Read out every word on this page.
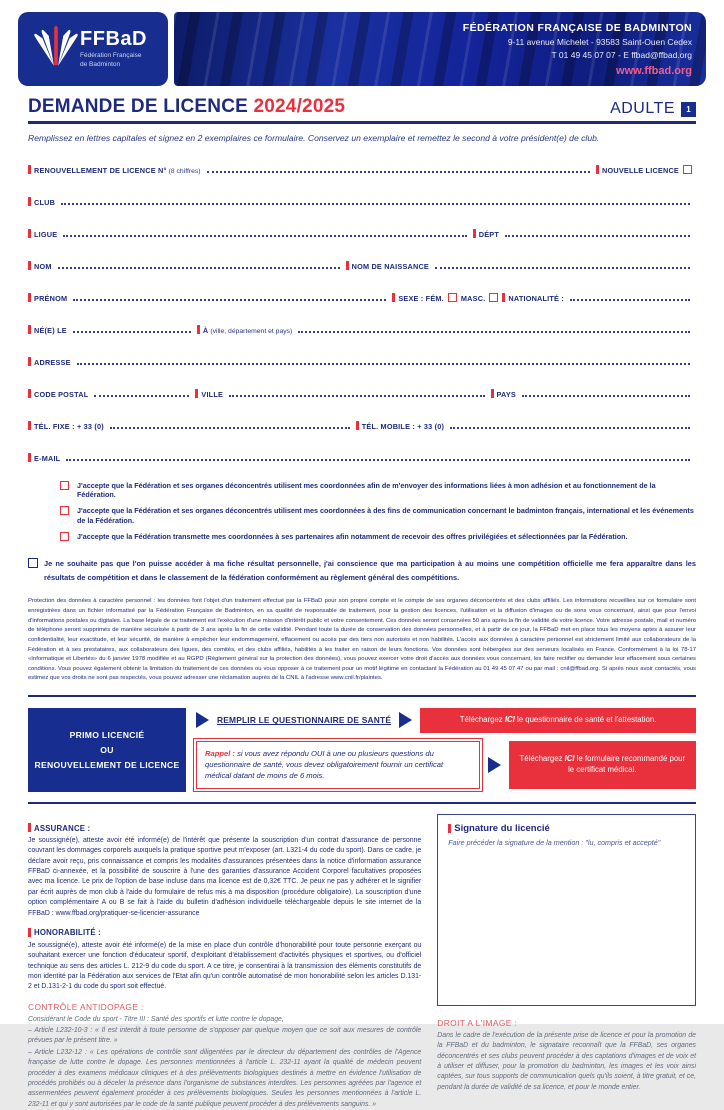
FFBaD
Fédération Française
de Badminton
FÉDÉRATION FRANÇAISE DE BADMINTON
9-11 avenue Michelet - 93583 Saint-Ouen Cedex
T 01 49 45 07 07 - E ffbad@ffbad.org
www.ffbad.org
DEMANDE DE LICENCE 2024/2025	ADULTE	1
Remplissez en lettres capitales et signez en 2 exemplaires ce formulaire. Conservez un exemplaire et remettez le second à votre président(e) de club.
RENOUVELLEMENT DE LICENCE N° (8 chiffres)	NOUVELLE LICENCE
CLUB
LIGUE	DÉPT
NOM	NOM DE NAISSANCE
PRÉNOM	SEXE : FÉM. MASC.	NATIONALITÉ :
NÉ(E) LE	À (ville, département et pays)
ADRESSE
CODE POSTAL	VILLE	PAYS
TÉL. FIXE : + 33 (0)	TÉL. MOBILE : + 33 (0)
E-MAIL
J'accepte que la Fédération et ses organes déconcentrés utilisent mes coordonnées afin de m'envoyer des informations liées à mon adhésion et au fonctionnement de la Fédération.
J'accepte que la Fédération et ses organes déconcentrés utilisent mes coordonnées à des fins de communication concernant le badminton français, international et les événements de la Fédération.
J'accepte que la Fédération transmette mes coordonnées à ses partenaires afin notamment de recevoir des offres privilégiées et sélectionnées par la Fédération.
Je ne souhaite pas que l'on puisse accéder à ma fiche résultat personnelle, j'ai conscience que ma participation à au moins une compétition officielle me fera apparaître dans les résultats de compétition et dans le classement de la fédération conformément au règlement général des compétitions.
Protection des données à caractère personnel : les données font l'objet d'un traitement effectué par la FFBaD pour son propre compte et le compte de ses organes déconcentrés et des clubs affiliés. Les informations recueillies sur ce formulaire sont enregistrées dans un fichier informatisé par la Fédération Française de Badminton, en sa qualité de responsable de traitement, pour la gestion des licences, l'utilisation et la diffusion d'images ou de sons vous concernant, ainsi que pour l'envoi d'informations postales ou digitales. La base légale de ce traitement est l'exécution d'une mission d'intérêt public et votre consentement. Ces données seront conservées 50 ans après la fin de validité de votre licence. Votre adresse postale, mail et numéro de téléphone seront supprimés de manière sécurisée à partir de 3 ans après la fin de cette validité. Pendant toute la durée de conservation des données personnelles, et à partir de ce jour, la FFBaD met en place tous les moyens aptes à assurer leur confidentialité, leur exactitude, et leur sécurité, de manière à empêcher leur endommagement, effacement ou accès par des tiers non autorisés et non habilités. L'accès aux données à caractère personnel est strictement limité aux collaborateurs de la Fédération et à ses prestataires, aux collaborateurs des ligues, des comités, et des clubs affiliés, habilités à les traiter en raison de leurs fonctions. Vos données sont hébergées sur des serveurs localisés en France. Conformément à la loi 78-17 «Informatique et Libertés» du 6 janvier 1978 modifiée et au RGPD (Règlement général sur la protection des données), vous pouvez exercer votre droit d'accès aux données vous concernant, les faire rectifier ou demander leur effacement sous certaines conditions. Vous pouvez également obtenir la limitation du traitement de ces données ou vous opposer à ce traitement pour un motif légitime en contactant la Fédération au 01 49 45 07 47 ou par mail : cnil@ffbad.org. Si après nous avoir contactés, vous estimez que vos droits ne sont pas respectés, vous pouvez adresser une réclamation auprès de la CNIL à l'adresse www.cnil.fr/plaintes.
PRIMO LICENCIÉ
OU
RENOUVELLEMENT DE LICENCE
REMPLIR LE QUESTIONNAIRE DE SANTÉ	Téléchargez ICI le questionnaire de santé et l'attestation.
Rappel : si vous avez répondu OUI à une ou plusieurs questions du questionnaire de santé, vous devez obligatoirement fournir un certificat médical datant de moins de 6 mois.
Téléchargez ICI le formulaire recommandé pour le certificat médical.
ASSURANCE :
Je soussigné(e), atteste avoir été informé(e) de l'intérêt que présente la souscription d'un contrat d'assurance de personne couvrant les dommages corporels auxquels la pratique sportive peut m'exposer (art. L321-4 du code du sport). Dans ce cadre, je déclare avoir reçu, pris connaissance et compris les modalités d'assurances présentées dans la notice d'information assurance FFBaD ci-annexée, et la possibilité de souscrire à l'une des garanties d'assurance Accident Corporel facultatives proposées avec ma licence. Le prix de l'option de base incluse dans ma licence est de 0,32€ TTC. Je peux ne pas y adhérer et le signifier par écrit auprès de mon club à l'aide du formulaire de refus mis à ma disposition (procédure obligatoire). La souscription d'une option complémentaire A ou B se fait à l'aide du bulletin d'adhésion individuelle téléchargeable depuis le site internet de la FFBaD : www.ffbad.org/pratiquer-se-licencier-assurance
HONORABILITÉ :
Je soussigné(e), atteste avoir été informé(e) de la mise en place d'un contrôle d'honorabilité pour toute personne exerçant ou souhaitant exercer une fonction d'éducateur sportif, d'exploitant d'établissement d'activités physiques et sportives, ou d'officiel technique au sens des articles L. 212-9 du code du sport. A ce titre, je consentirai à la transmission des éléments constitutifs de mon identité par la Fédération aux services de l'Etat afin qu'un contrôle automatisé de mon honorabilité selon les articles D.131-2 et D.131-2-1 du code du sport soit effectué.
CONTRÔLE ANTIDOPAGE :

Considérant le Code du sport - Titre III : Santé des sportifs et lutte contre le dopage,

– Article L232-10-3 : « Il est interdit à toute personne de s'opposer par quelque moyen que ce soit aux mesures de contrôle prévues par le présent titre. »

– Article L232-12 : « Les opérations de contrôle sont diligentées par le directeur du département des contrôles de l'Agence française de lutte contre le dopage. Les personnes mentionnées à l'article L. 232-11 ayant la qualité de médecin peuvent procéder à des examens médicaux cliniques et à des prélèvements biologiques destinés à mettre en évidence l'utilisation de procédés prohibés ou à déceler la présence dans l'organisme de substances interdites. Les personnes agréées par l'agence et assermentées peuvent également procéder à ces prélèvements biologiques. Seules les personnes mentionnées à l'article L. 232-11 et qui y sont autorisées par le code de la santé publique peuvent procéder à des prélèvements sanguins. »

Signature du licencié
Faire précéder la signature de la mention : "lu, compris et accepté"
DROIT A L'IMAGE :
Dans le cadre de l'exécution de la présente prise de licence et pour la promotion de la FFBaD et du badminton, le signataire reconnaît que la FFBaD, ses organes déconcentrés et ses clubs peuvent procéder à des captations d'images et de voix et à utiliser et diffuser, pour la promotion du badminton, les images et les voix ainsi captées, sur tous supports de communication quels qu'ils soient, à titre gratuit, et ce, pendant la durée de validité de sa licence, et pour le monde entier.
